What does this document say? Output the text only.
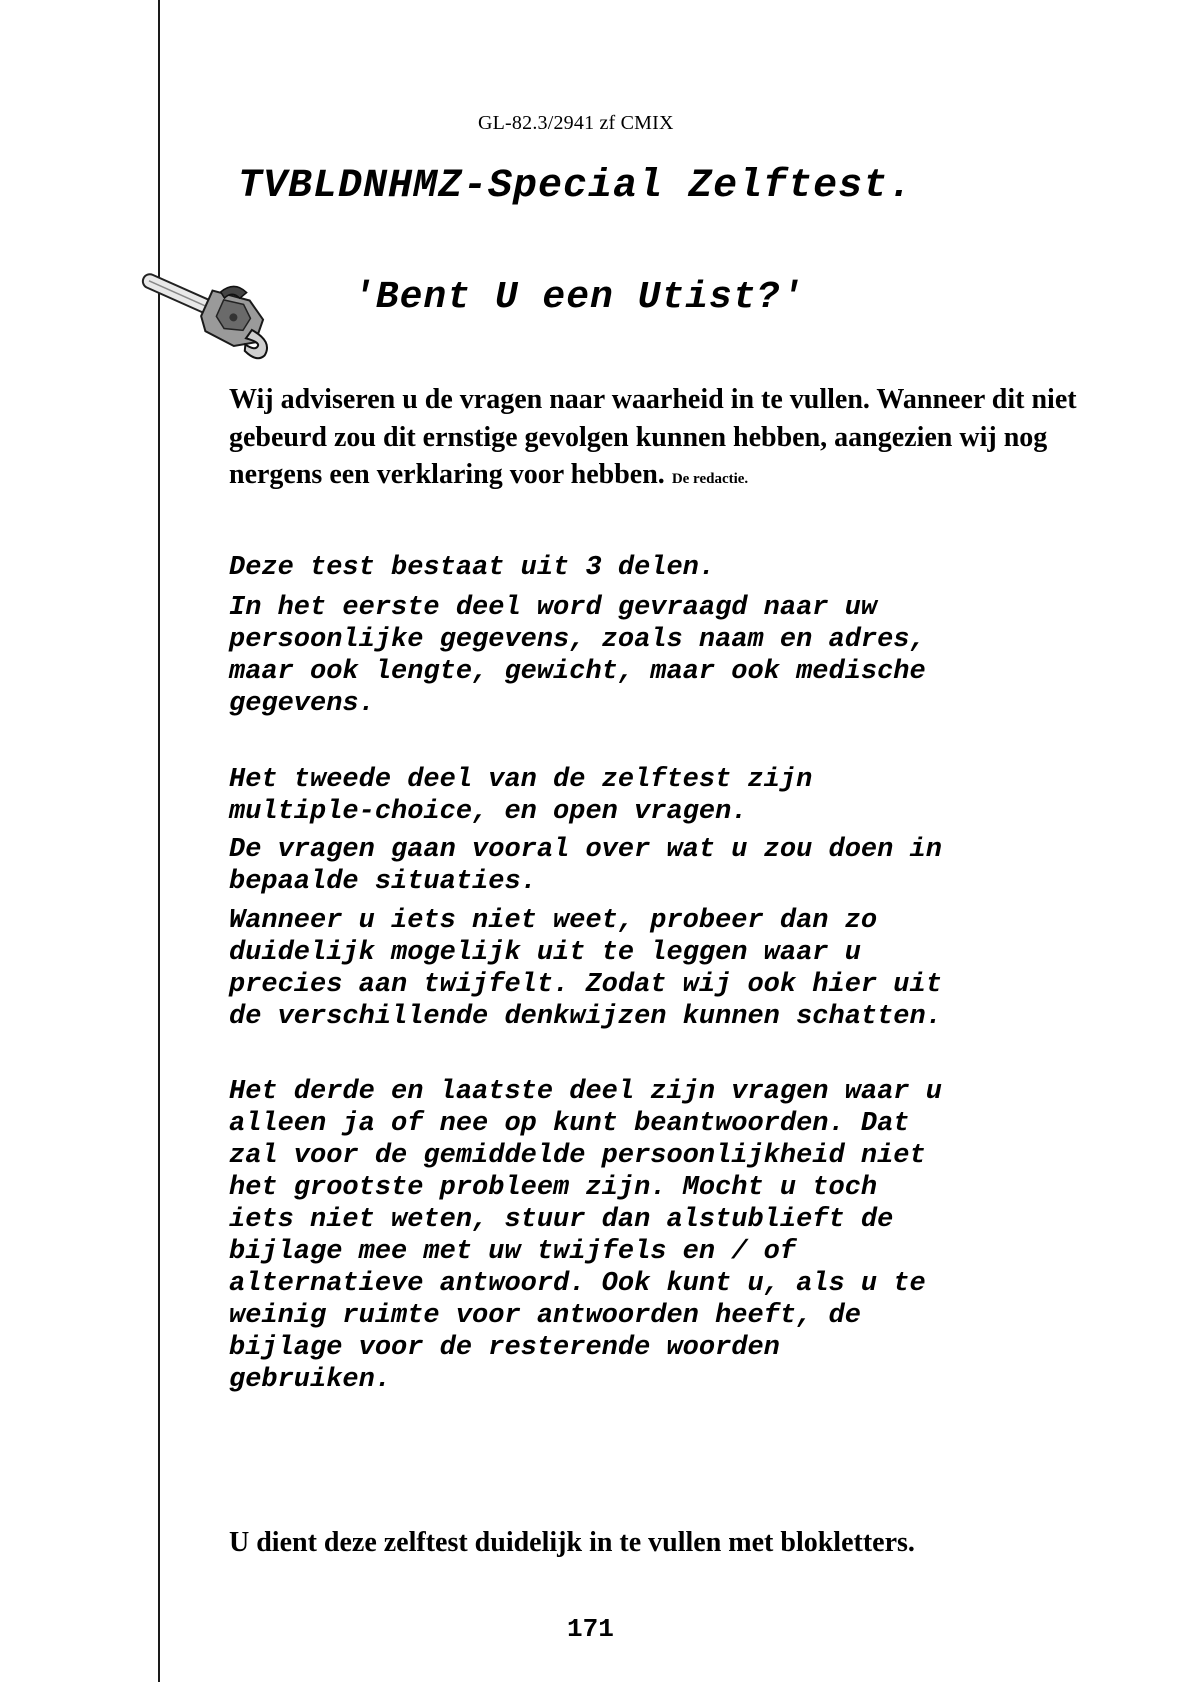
GL-82.3/2941 zf CMIX
TVBLDNHMZ-Special Zelftest.
'Bent U een Utist?'

Wij adviseren u de vragen naar waarheid in te vullen. Wanneer dit niet gebeurd zou dit ernstige gevolgen kunnen hebben, aangezien wij nog nergens een verklaring voor hebben. De redactie.

Deze test bestaat uit 3 delen.

In het eerste deel word gevraagd naar uw
persoonlijke gegevens, zoals naam en adres,
maar ook lengte, gewicht, maar ook medische
gegevens.

Het tweede deel van de zelftest zijn
multiple-choice, en open vragen.

De vragen gaan vooral over wat u zou doen in
bepaalde situaties.

Wanneer u iets niet weet, probeer dan zo
duidelijk mogelijk uit te leggen waar u
precies aan twijfelt. Zodat wij ook hier uit
de verschillende denkwijzen kunnen schatten.

Het derde en laatste deel zijn vragen waar u
alleen ja of nee op kunt beantwoorden. Dat
zal voor de gemiddelde persoonlijkheid niet
het grootste probleem zijn. Mocht u toch
iets niet weten, stuur dan alstublieft de
bijlage mee met uw twijfels en / of
alternatieve antwoord. Ook kunt u, als u te
weinig ruimte voor antwoorden heeft, de
bijlage voor de resterende woorden
gebruiken.

U dient deze zelftest duidelijk in te vullen met blokletters.

171
